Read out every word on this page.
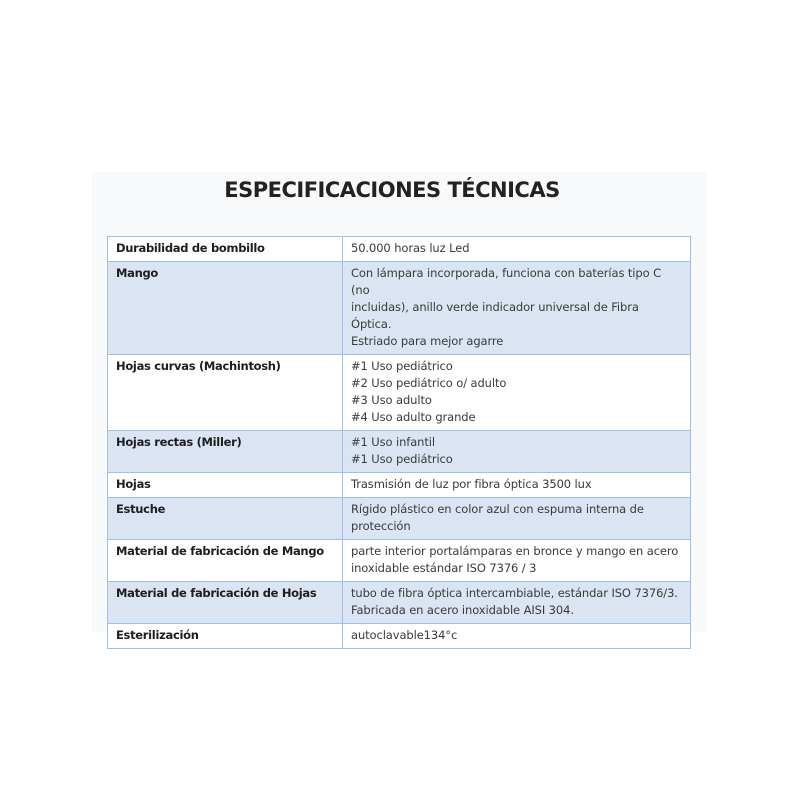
ESPECIFICACIONES TÉCNICAS
Durabilidad de bombillo	50.000 horas luz Led

Mango	Con lámpara incorporada, funciona con baterías tipo C (no
incluidas), anillo verde indicador universal de Fibra Óptica.
Estriado para mejor agarre

Hojas curvas (Machintosh)	#1 Uso pediátrico
#2 Uso pediátrico o/ adulto
#3 Uso adulto
#4 Uso adulto grande

Hojas rectas (Miller)	#1 Uso infantil
#1 Uso pediátrico

Hojas	Trasmisión de luz por fibra óptica 3500 lux

Estuche	Rígido plástico en color azul con espuma interna de
protección

Material de fabricación de Mango	parte interior portalámparas en bronce y mango en acero
inoxidable estándar ISO 7376 / 3

Material de fabricación de Hojas	tubo de fibra óptica intercambiable, estándar ISO 7376/3.
Fabricada en acero inoxidable AISI 304.

Esterilización	autoclavable134°c
